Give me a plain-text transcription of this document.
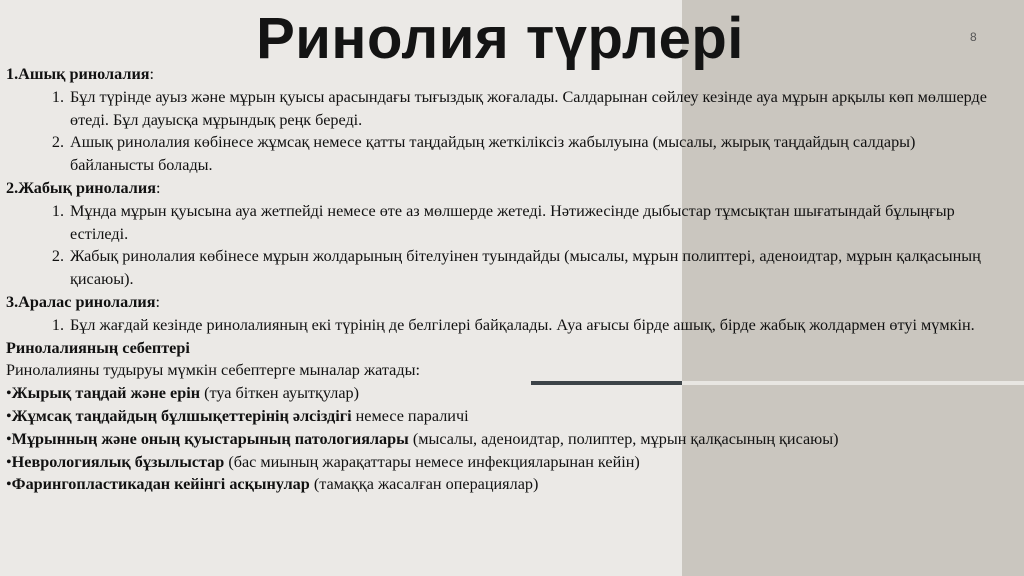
Ринолия түрлері	8

1.Ашық ринолалия:

1. Бұл түрінде ауыз және мұрын қуысы арасындағы тығыздық жоғалады. Салдарынан сөйлеу кезінде ауа мұрын арқылы көп мөлшерде өтеді. Бұл дауысқа мұрындық реңк береді.
2. Ашық ринолалия көбінесе жұмсақ немесе қатты таңдайдың жеткіліксіз жабылуына (мысалы, жырық таңдайдың салдары) байланысты болады.

2.Жабық ринолалия:

1. Мұнда мұрын қуысына ауа жетпейді немесе өте аз мөлшерде жетеді. Нәтижесінде дыбыстар тұмсықтан шығатындай бұлыңғыр естіледі.
2. Жабық ринолалия көбінесе мұрын жолдарының бітелуінен туындайды (мысалы, мұрын полиптері, аденоидтар, мұрын қалқасының қисаюы).

3.Аралас ринолалия:

1. Бұл жағдай кезінде ринолалияның екі түрінің де белгілері байқалады. Ауа ағысы бірде ашық, бірде жабық жолдармен өтуі мүмкін.

Ринолалияның себептері

Ринолалияны тудыруы мүмкін себептерге мыналар жатады:

•Жырық таңдай және ерін (туа біткен ауытқулар)

•Жұмсақ таңдайдың бұлшықеттерінің әлсіздігі немесе параличі

•Мұрынның және оның қуыстарының патологиялары (мысалы, аденоидтар, полиптер, мұрын қалқасының қисаюы)

•Неврологиялық бұзылыстар (бас миының жарақаттары немесе инфекцияларынан кейін)

•Фарингопластикадан кейінгі асқынулар (тамаққа жасалған операциялар)
